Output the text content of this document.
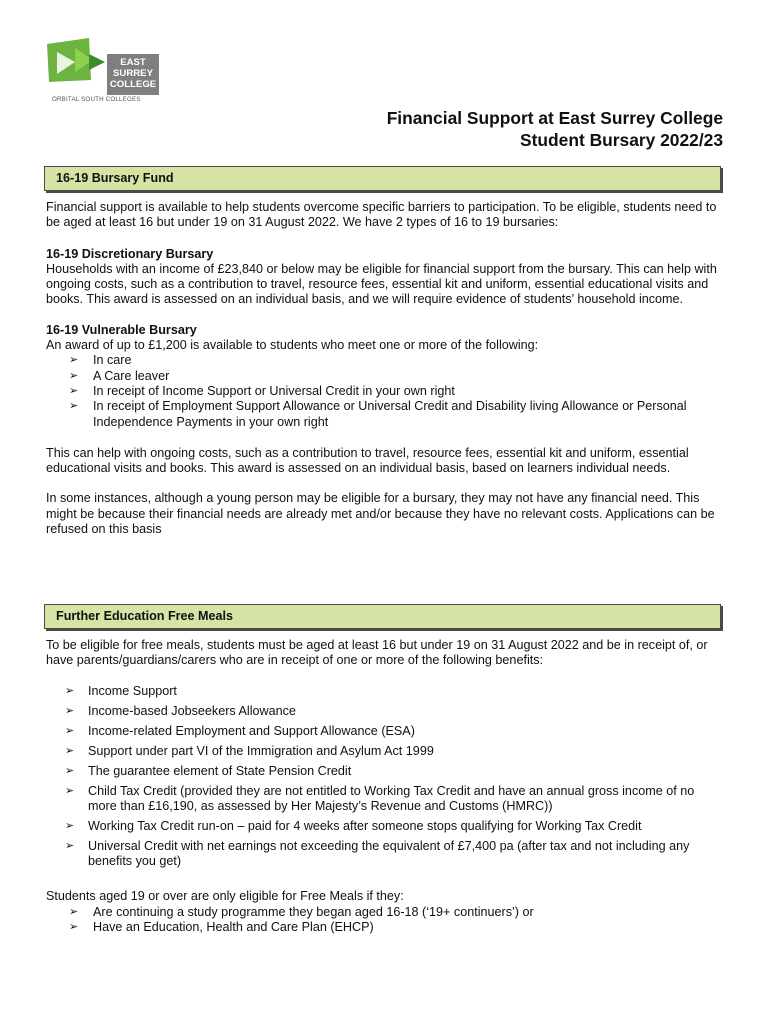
EAST
SURREY
COLLEGE
ORBITAL SOUTH COLLEGES
Financial Support at East Surrey College
Student Bursary 2022/23
16-19 Bursary Fund

Financial support is available to help students overcome specific barriers to participation. To be eligible, students need to be aged at least 16 but under 19 on 31 August 2022. We have 2 types of 16 to 19 bursaries:

16-19 Discretionary Bursary

Households with an income of £23,840 or below may be eligible for financial support from the bursary. This can help with ongoing costs, such as a contribution to travel, resource fees, essential kit and uniform, essential educational visits and books. This award is assessed on an individual basis, and we will require evidence of students’ household income.

16-19 Vulnerable Bursary

An award of up to £1,200 is available to students who meet one or more of the following:

➢ In care
➢ A Care leaver
➢ In receipt of Income Support or Universal Credit in your own right
➢ In receipt of Employment Support Allowance or Universal Credit and Disability living Allowance or Personal Independence Payments in your own right

This can help with ongoing costs, such as a contribution to travel, resource fees, essential kit and uniform, essential educational visits and books. This award is assessed on an individual basis, based on learners individual needs.

In some instances, although a young person may be eligible for a bursary, they may not have any financial need. This might be because their financial needs are already met and/or because they have no relevant costs. Applications can be refused on this basis

Further Education Free Meals

To be eligible for free meals, students must be aged at least 16 but under 19 on 31 August 2022 and be in receipt of, or have parents/guardians/carers who are in receipt of one or more of the following benefits:

➢ Income Support
➢ Income-based Jobseekers Allowance
➢ Income-related Employment and Support Allowance (ESA)
➢ Support under part VI of the Immigration and Asylum Act 1999
➢ The guarantee element of State Pension Credit
➢ Child Tax Credit (provided they are not entitled to Working Tax Credit and have an annual gross income of no more than £16,190, as assessed by Her Majesty’s Revenue and Customs (HMRC))
➢ Working Tax Credit run-on – paid for 4 weeks after someone stops qualifying for Working Tax Credit
➢ Universal Credit with net earnings not exceeding the equivalent of £7,400 pa (after tax and not including any benefits you get)

Students aged 19 or over are only eligible for Free Meals if they:

➢ Are continuing a study programme they began aged 16-18 (‘19+ continuers’) or
➢ Have an Education, Health and Care Plan (EHCP)
